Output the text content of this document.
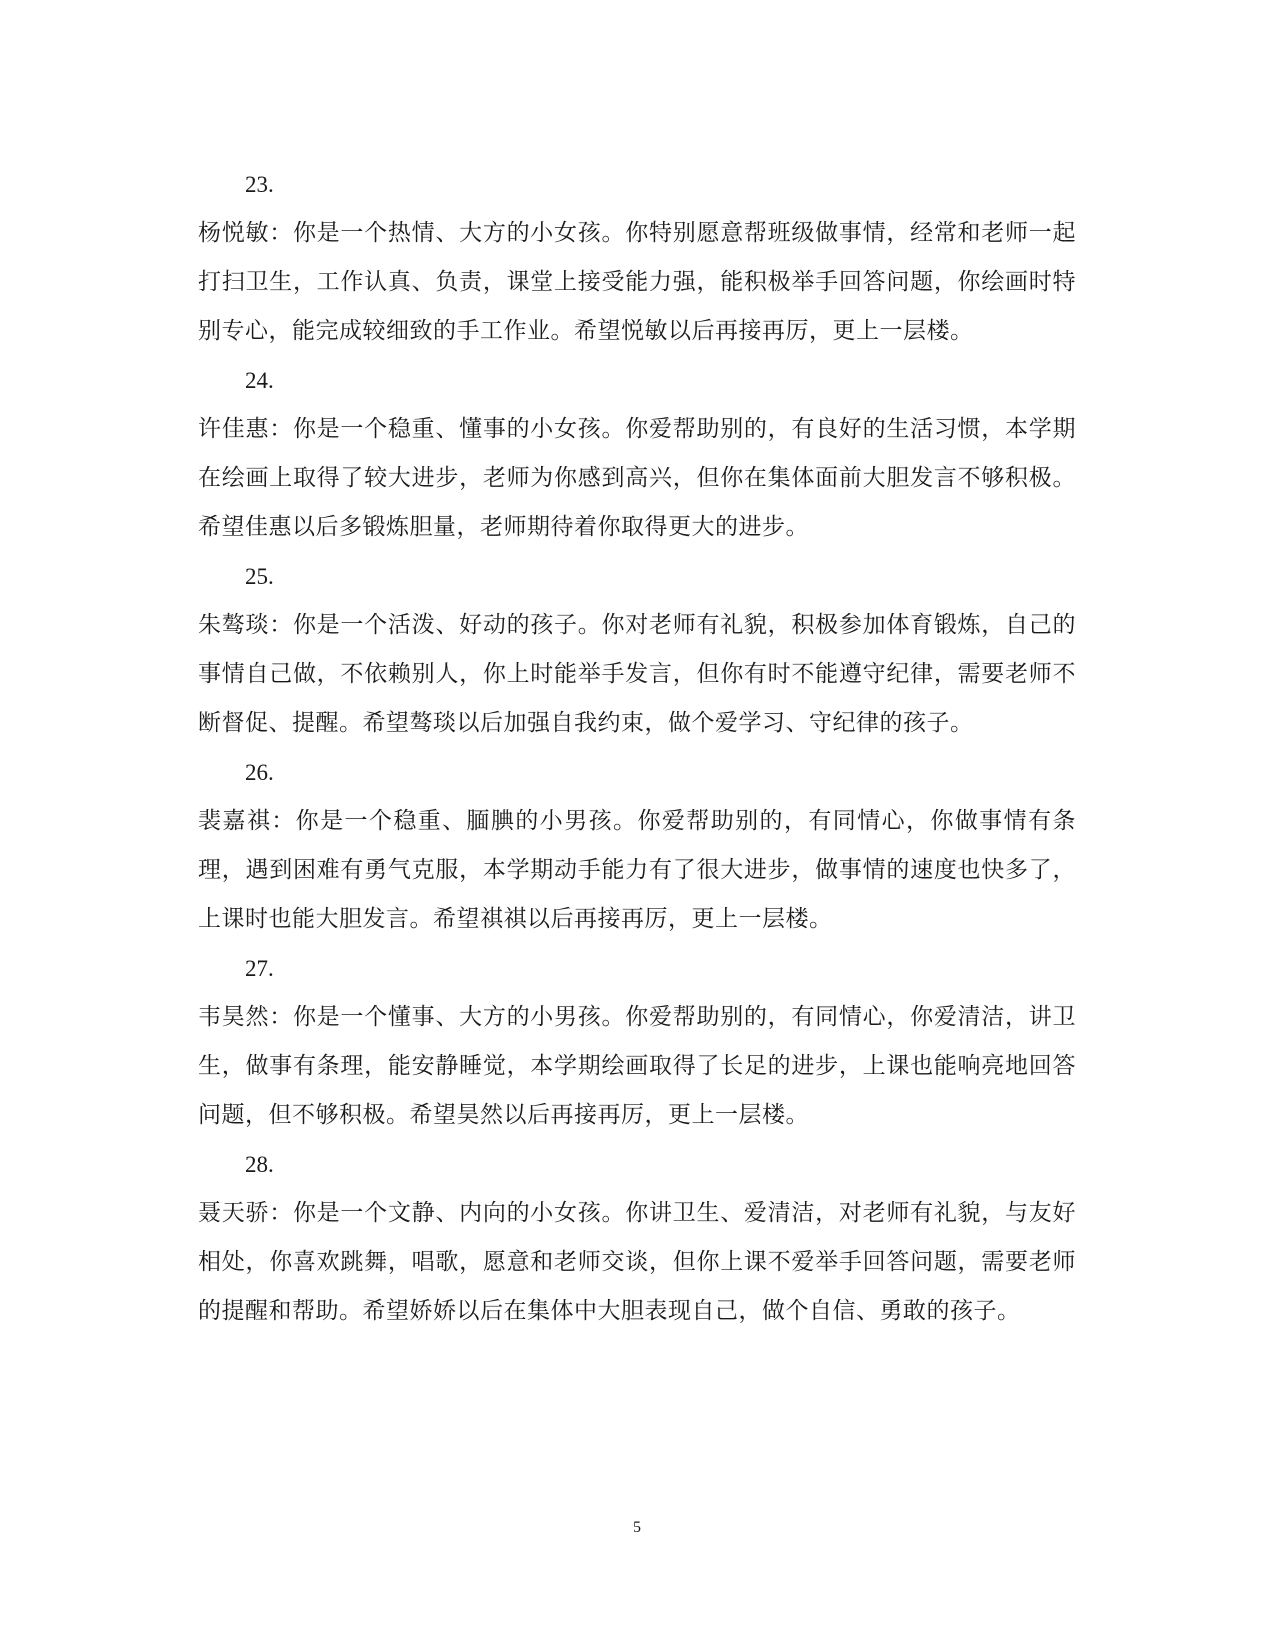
23.
杨悦敏：你是一个热情、大方的小女孩。你特别愿意帮班级做事情，经常和老师一起打扫卫生，工作认真、负责，课堂上接受能力强，能积极举手回答问题，你绘画时特别专心，能完成较细致的手工作业。希望悦敏以后再接再厉，更上一层楼。
24.
许佳惠：你是一个稳重、懂事的小女孩。你爱帮助别的，有良好的生活习惯，本学期在绘画上取得了较大进步，老师为你感到高兴，但你在集体面前大胆发言不够积极。希望佳惠以后多锻炼胆量，老师期待着你取得更大的进步。
25.
朱骜琰：你是一个活泼、好动的孩子。你对老师有礼貌，积极参加体育锻炼，自己的事情自己做，不依赖别人，你上时能举手发言，但你有时不能遵守纪律，需要老师不断督促、提醒。希望骜琰以后加强自我约束，做个爱学习、守纪律的孩子。
26.
裴嘉祺：你是一个稳重、腼腆的小男孩。你爱帮助别的，有同情心，你做事情有条理，遇到困难有勇气克服，本学期动手能力有了很大进步，做事情的速度也快多了，上课时也能大胆发言。希望祺祺以后再接再厉，更上一层楼。
27.
韦昊然：你是一个懂事、大方的小男孩。你爱帮助别的，有同情心，你爱清洁，讲卫生，做事有条理，能安静睡觉，本学期绘画取得了长足的进步，上课也能响亮地回答问题，但不够积极。希望昊然以后再接再厉，更上一层楼。
28.
聂天骄：你是一个文静、内向的小女孩。你讲卫生、爱清洁，对老师有礼貌，与友好相处，你喜欢跳舞，唱歌，愿意和老师交谈，但你上课不爱举手回答问题，需要老师的提醒和帮助。希望娇娇以后在集体中大胆表现自己，做个自信、勇敢的孩子。
5
